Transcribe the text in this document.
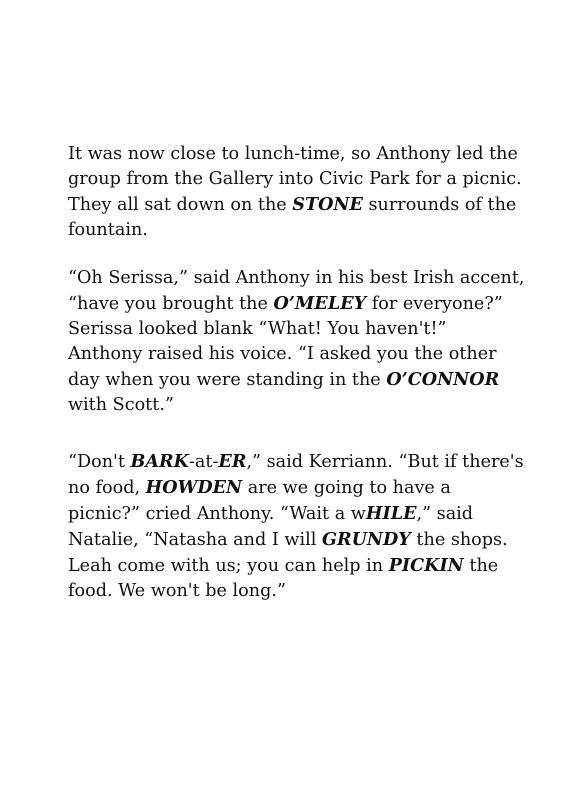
It was now close to lunch-time, so Anthony led the
group from the Gallery into Civic Park for a picnic.
They all sat down on the STONE surrounds of the
fountain.
“Oh Serissa,” said Anthony in his best Irish accent,
“have you brought the O’MELEY for everyone?”
Serissa looked blank “What! You haven't!”
Anthony raised his voice. “I asked you the other
day when you were standing in the O’CONNOR
with Scott.”
“Don't BARK-at-ER,” said Kerriann. “But if there's
no food, HOWDEN are we going to have a
picnic?” cried Anthony. “Wait a wHILE,” said
Natalie, “Natasha and I will GRUNDY the shops.
Leah come with us; you can help in PICKIN the
food. We won't be long.”
